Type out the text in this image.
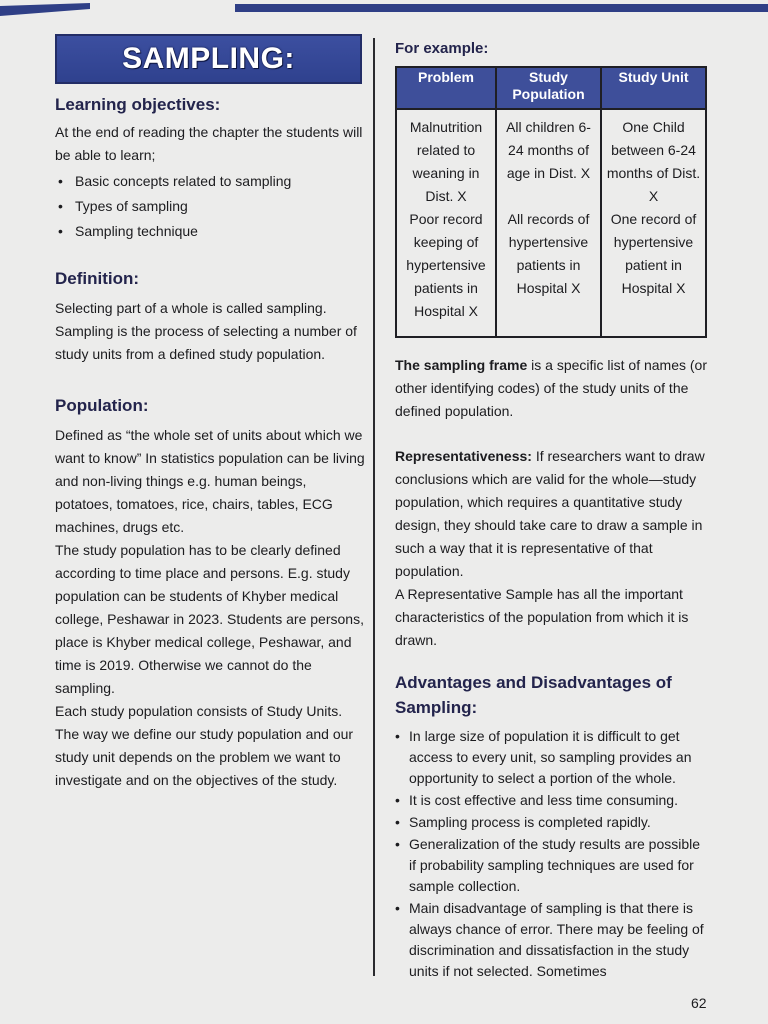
SAMPLING:
Learning objectives:

At the end of reading the chapter the students will be able to learn;

• Basic concepts related to sampling
• Types of sampling
• Sampling technique
Definition:

Selecting part of a whole is called sampling. Sampling is the process of selecting a number of study units from a defined study population.

Population:

Defined as “the whole set of units about which we want to know” In statistics population can be living and non-living things e.g. human beings, potatoes, tomatoes, rice, chairs, tables, ECG machines, drugs etc.

The study population has to be clearly defined according to time place and persons. E.g. study population can be students of Khyber medical college, Peshawar in 2023. Students are persons, place is Khyber medical college, Peshawar, and time is 2019. Otherwise we cannot do the sampling.

Each study population consists of Study Units. The way we define our study population and our study unit depends on the problem we want to investigate and on the objectives of the study.

For example:
Problem	Study Population	Study Unit
Malnutrition related to weaning in Dist. X	All children 6-24 months of age in Dist. X	One Child between 6-24 months of Dist. X
Poor record keeping of hypertensive patients in Hospital X	All records of hypertensive patients in Hospital X	One record of hypertensive patient in Hospital X

The sampling frame is a specific list of names (or other identifying codes) of the study units of the defined population.

Representativeness: If researchers want to draw conclusions which are valid for the whole—study population, which requires a quantitative study design, they should take care to draw a sample in such a way that it is representative of that population.

A Representative Sample has all the important characteristics of the population from which it is drawn.

Advantages and Disadvantages of Sampling:
• In large size of population it is difficult to get access to every unit, so sampling provides an opportunity to select a portion of the whole.
• It is cost effective and less time consuming.
• Sampling process is completed rapidly.
• Generalization of the study results are possible if probability sampling techniques are used for sample collection.
• Main disadvantage of sampling is that there is always chance of error. There may be feeling of discrimination and dissatisfaction in the study units if not selected. Sometimes
62
